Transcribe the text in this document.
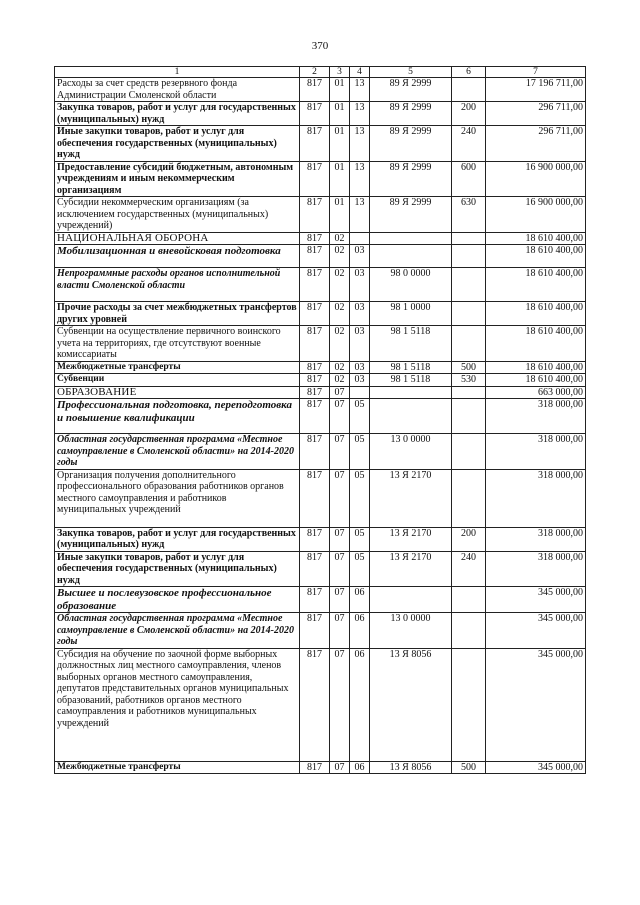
370
1	2	3	4	5	6	7
Расходы за счет средств резервного фонда Администрации Смоленской области	817	01	13	89 Я 2999		17 196 711,00
Закупка товаров, работ и услуг для государственных (муниципальных) нужд	817	01	13	89 Я 2999	200	296 711,00
Иные закупки товаров, работ и услуг для обеспечения государственных (муниципальных) нужд	817	01	13	89 Я 2999	240	296 711,00
Предоставление субсидий бюджетным, автономным учреждениям и иным некоммерческим организациям	817	01	13	89 Я 2999	600	16 900 000,00
Субсидии некоммерческим организациям (за исключением государственных (муниципальных) учреждений)	817	01	13	89 Я 2999	630	16 900 000,00
НАЦИОНАЛЬНАЯ ОБОРОНА	817	02				18 610 400,00
Мобилизационная и вневойсковая подготовка	817	02	03			18 610 400,00
Непрограммные расходы органов исполнительной власти Смоленской области	817	02	03	98 0 0000		18 610 400,00
Прочие расходы за счет межбюджетных трансфертов других уровней	817	02	03	98 1 0000		18 610 400,00
Субвенции на осуществление первичного воинского учета на территориях, где отсутствуют военные комиссариаты	817	02	03	98 1 5118		18 610 400,00
Межбюджетные трансферты	817	02	03	98 1 5118	500	18 610 400,00
Субвенции	817	02	03	98 1 5118	530	18 610 400,00
ОБРАЗОВАНИЕ	817	07				663 000,00
Профессиональная подготовка, переподготовка и повышение квалификации	817	07	05			318 000,00
Областная государственная программа «Местное самоуправление в Смоленской области» на 2014-2020 годы	817	07	05	13 0 0000		318 000,00
Организация получения дополнительного профессионального образования работников органов местного самоуправления и работников муниципальных учреждений	817	07	05	13 Я 2170		318 000,00
Закупка товаров, работ и услуг для государственных (муниципальных) нужд	817	07	05	13 Я 2170	200	318 000,00
Иные закупки товаров, работ и услуг для обеспечения государственных (муниципальных) нужд	817	07	05	13 Я 2170	240	318 000,00
Высшее и послевузовское профессиональное образование	817	07	06			345 000,00
Областная государственная программа «Местное самоуправление в Смоленской области» на 2014-2020 годы	817	07	06	13 0 0000		345 000,00
Субсидия на обучение по заочной форме выборных должностных лиц местного самоуправления, членов выборных органов местного самоуправления, депутатов представительных органов муниципальных образований, работников органов местного самоуправления и работников муниципальных учреждений	817	07	06	13 Я 8056		345 000,00
Межбюджетные трансферты	817	07	06	13 Я 8056	500	345 000,00
